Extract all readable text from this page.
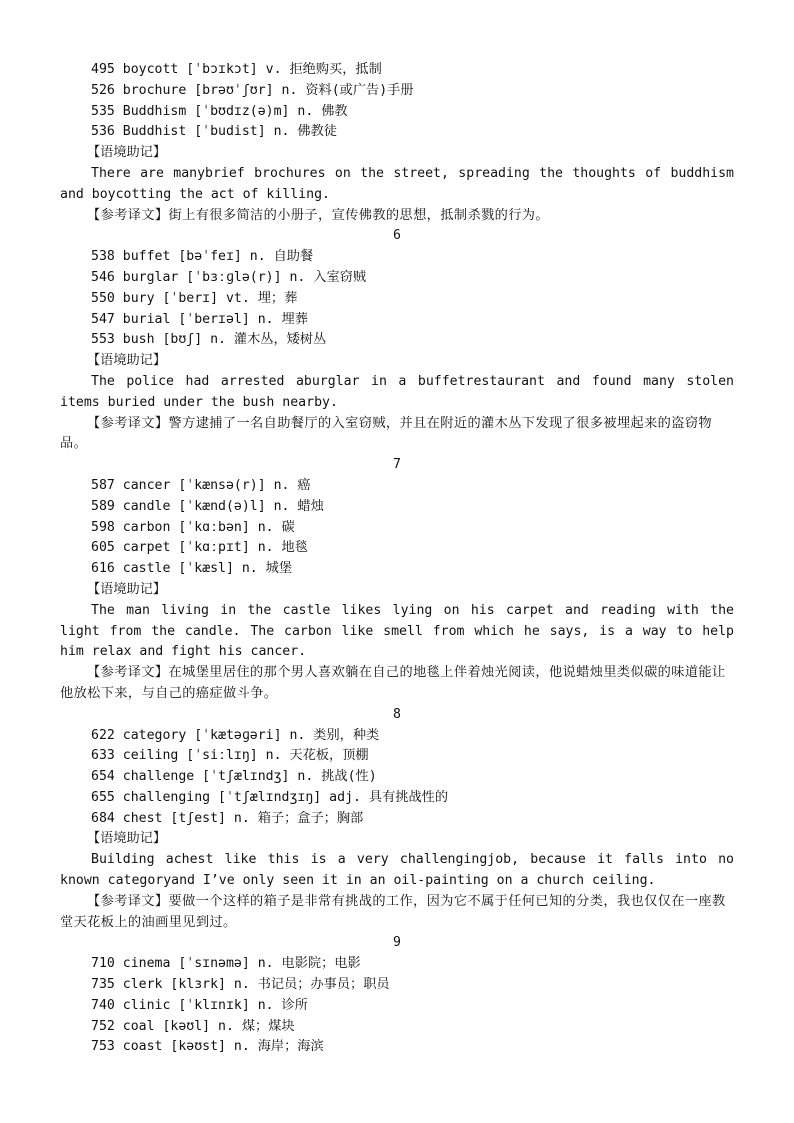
495 boycott [ˈbɔɪkɔt] v. 拒绝购买，抵制
526 brochure [brəʊˈʃʊr] n. 资料(或广告)手册
535 Buddhism [ˈbʊdɪz(ə)m] n. 佛教
536 Buddhist [ˈbudist] n. 佛教徒
【语境助记】
There are manybrief brochures on the street, spreading the thoughts of buddhism and boycotting the act of killing.
【参考译文】街上有很多简洁的小册子，宣传佛教的思想，抵制杀戮的行为。
6
538 buffet [bəˈfeɪ] n. 自助餐
546 burglar [ˈbɜːɡlə(r)] n. 入室窃贼
550 bury [ˈberɪ] vt. 埋；葬
547 burial [ˈberɪəl] n. 埋葬
553 bush [bʊʃ] n. 灌木丛，矮树丛
【语境助记】
The police had arrested aburglar in a buffetrestaurant and found many stolen items buried under the bush nearby.
【参考译文】警方逮捕了一名自助餐厅的入室窃贼，并且在附近的灌木丛下发现了很多被埋起来的盗窃物品。
7
587 cancer [ˈkænsə(r)] n. 癌
589 candle [ˈkænd(ə)l] n. 蜡烛
598 carbon [ˈkɑːbən] n. 碳
605 carpet [ˈkɑːpɪt] n. 地毯
616 castle [ˈkæsl] n. 城堡
【语境助记】
The man living in the castle likes lying on his carpet and reading with the light from the candle. The carbon like smell from which he says, is a way to help him relax and fight his cancer.
【参考译文】在城堡里居住的那个男人喜欢躺在自己的地毯上伴着烛光阅读，他说蜡烛里类似碳的味道能让他放松下来，与自己的癌症做斗争。
8
622 category [ˈkætəɡəri] n. 类别，种类
633 ceiling [ˈsiːlɪŋ] n. 天花板，顶棚
654 challenge [ˈtʃælɪndʒ] n. 挑战(性)
655 challenging [ˈtʃælɪndʒɪŋ] adj. 具有挑战性的
684 chest [tʃest] n. 箱子；盒子；胸部
【语境助记】
Building achest like this is a very challengingjob, because it falls into no known categoryand I’ve only seen it in an oil-painting on a church ceiling.
【参考译文】要做一个这样的箱子是非常有挑战的工作，因为它不属于任何已知的分类，我也仅仅在一座教堂天花板上的油画里见到过。
9
710 cinema [ˈsɪnəmə] n. 电影院；电影
735 clerk [klɜrk] n. 书记员；办事员；职员
740 clinic [ˈklɪnɪk] n. 诊所
752 coal [kəʊl] n. 煤；煤块
753 coast [kəʊst] n. 海岸；海滨
